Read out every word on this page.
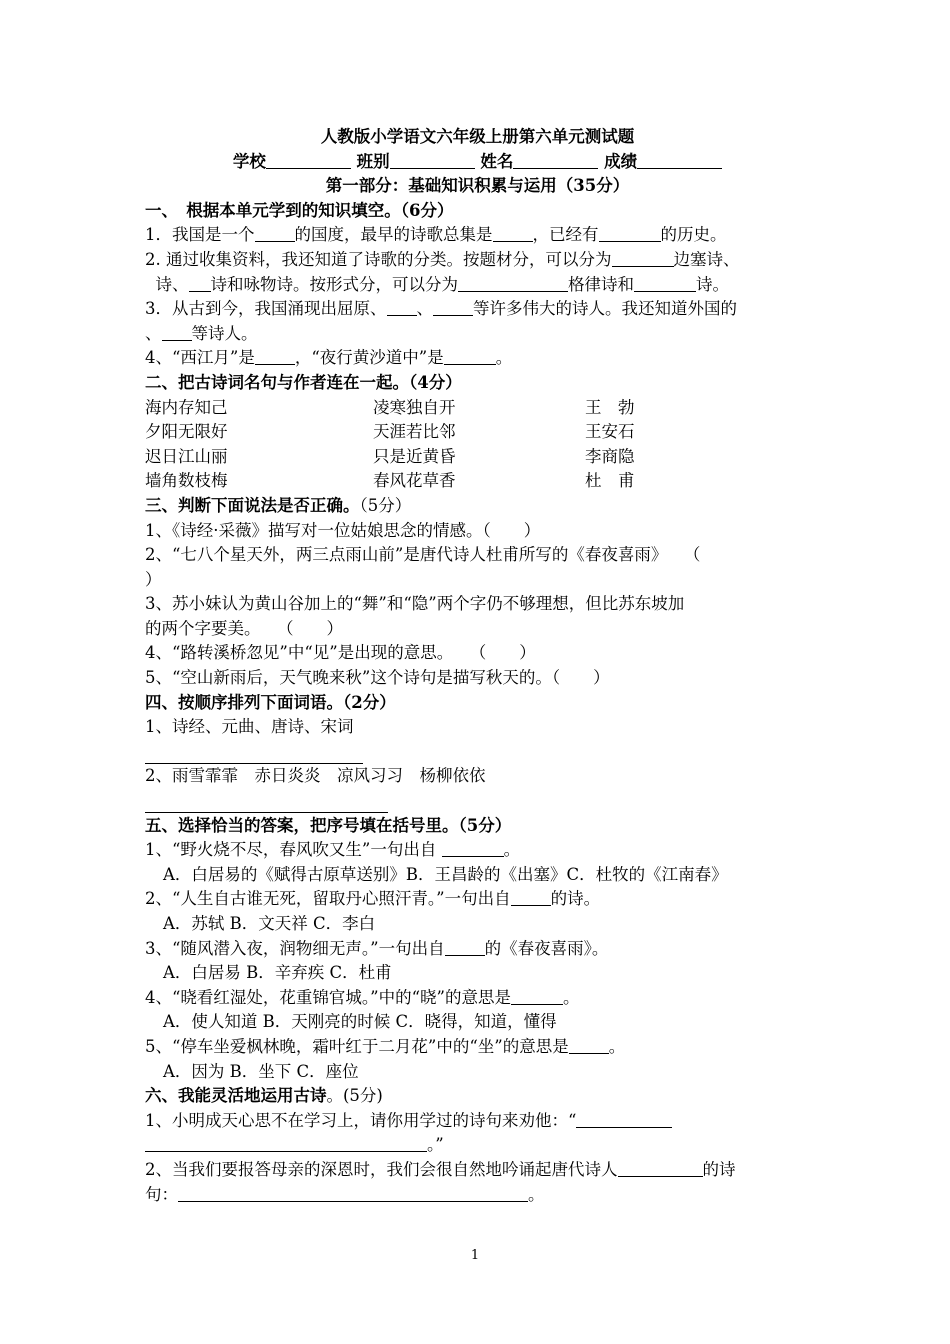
人教版小学语文六年级上册第六单元测试题
学校	班别	姓名	成绩
第一部分：基础知识积累与运用（35分）
一、　根据本单元学到的知识填空。（6分）
1．我国是一个 的国度，最早的诗歌总集是 ，已经有	的历史。
2. 通过收集资料，我还知道了诗歌的分类。按题材分，可以分为	边塞诗、
诗、 诗和咏物诗。按形式分，可以分为	格律诗和	诗。
3．从古到今，我国涌现出屈原、 、 等许多伟大的诗人。我还知道外国的
、 等诗人。
4、“西江月”是 ，“夜行黄沙道中”是	。
二、把古诗词名句与作者连在一起。（4分）
海内存知己	凌寒独自开	王　勃
夕阳无限好	天涯若比邻	王安石
迟日江山丽	只是近黄昏	李商隐
墙角数枝梅	春风花草香	杜　甫
三、判断下面说法是否正确。（5分）
1、《诗经·采薇》描写对一位姑娘思念的情感。（　　）
2、“七八个星天外，两三点雨山前”是唐代诗人杜甫所写的《春夜喜雨》　　（
）
3、苏小妹认为黄山谷加上的“舞”和“隐”两个字仍不够理想，但比苏东坡加
的两个字要美。　　（　　）
4、“路转溪桥忽见”中“见”是出现的意思。　　（　　）
5、“空山新雨后，天气晚来秋”这个诗句是描写秋天的。（　　）
四、按顺序排列下面词语。（2分）
1、诗经、元曲、唐诗、宋词
2、雨雪霏霏　赤日炎炎　凉风习习　杨柳依依
五、选择恰当的答案，把序号填在括号里。（5分）
1、“野火烧不尽，春风吹又生”一句出自	。
A．白居易的《赋得古原草送别》B．王昌龄的《出塞》C．杜牧的《江南春》
2、“人生自古谁无死，留取丹心照汗青。”一句出自 的诗。
A．苏轼 B．文天祥 C．李白
3、“随风潜入夜，润物细无声。”一句出自 的《春夜喜雨》。
A．白居易 B．辛弃疾 C．杜甫
4、“晓看红湿处，花重锦官城。”中的“晓”的意思是	。
A．使人知道 B．天刚亮的时候 C．晓得，知道，懂得
5、“停车坐爱枫林晚，霜叶红于二月花”中的“坐”的意思是 。
A．因为 B．坐下 C．座位
六、我能灵活地运用古诗。(5分)
1、小明成天心思不在学习上，请你用学过的诗句来劝他：“
。”
2、当我们要报答母亲的深恩时，我们会很自然地吟诵起唐代诗人	的诗
句：	。
1
